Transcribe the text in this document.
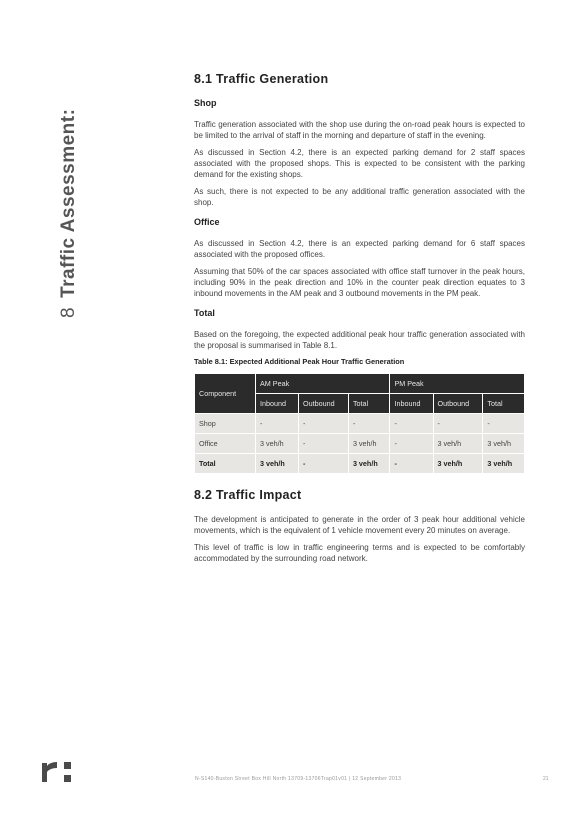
8Traffic Assessment:
8.1 Traffic Generation
Shop

Traffic generation associated with the shop use during the on-road peak hours is expected to be limited to the arrival of staff in the morning and departure of staff in the evening.

As discussed in Section 4.2, there is an expected parking demand for 2 staff spaces associated with the proposed shops. This is expected to be consistent with the parking demand for the existing shops.

As such, there is not expected to be any additional traffic generation associated with the shop.

Office

As discussed in Section 4.2, there is an expected parking demand for 6 staff spaces associated with the proposed offices.

Assuming that 50% of the car spaces associated with office staff turnover in the peak hours, including 90% in the peak direction and 10% in the counter peak direction equates to 3 inbound movements in the AM peak and 3 outbound movements in the PM peak.

Total

Based on the foregoing, the expected additional peak hour traffic generation associated with the proposal is summarised in Table 8.1.

Table 8.1: Expected Additional Peak Hour Traffic Generation
Component	AM Peak			PM Peak		
	Inbound	Outbound	Total	Inbound	Outbound	Total
Shop	-	-	-	-	-	-
Office	3 veh/h	-	3 veh/h	-	3 veh/h	3 veh/h
Total	3 veh/h	-	3 veh/h	-	3 veh/h	3 veh/h
8.2 Traffic Impact

The development is anticipated to generate in the order of 3 peak hour additional vehicle movements, which is the equivalent of 1 vehicle movement every 20 minutes on average.

This level of traffic is low in traffic engineering terms and is expected to be comfortably accommodated by the surrounding road network.

N-S140-Buston Street Box Hill North 13709-13706Trap01v01 | 12 September 2013	21
